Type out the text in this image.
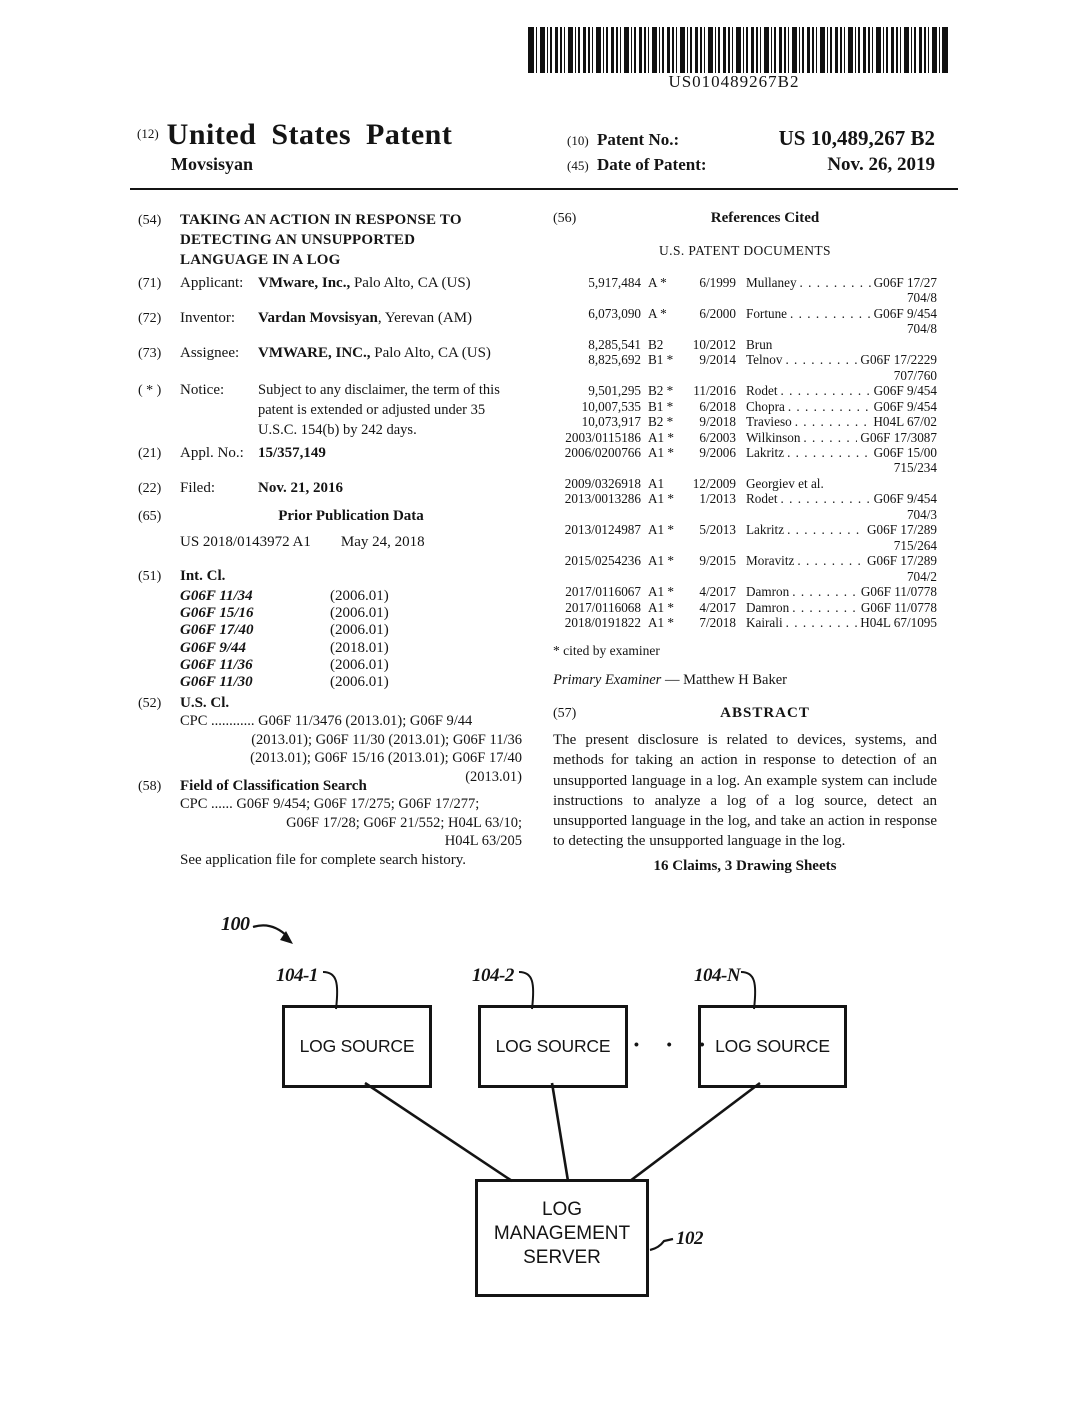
US010489267B2
$^{(12)}$ United States Patent
Movsisyan
(10) Patent No.:	US 10,489,267 B2
(45) Date of Patent:	Nov. 26, 2019
(54)	TAKING AN ACTION IN RESPONSE TO
DETECTING AN UNSUPPORTED
LANGUAGE IN A LOG
(71)	Applicant: VMware, Inc., Palo Alto, CA (US)
(72)	Inventor:	Vardan Movsisyan, Yerevan (AM)
(73)	Assignee:	VMWARE, INC., Palo Alto, CA (US)
( * )	Notice:	Subject to any disclaimer, the term of this
patent is extended or adjusted under 35
U.S.C. 154(b) by 242 days.
(21)	Appl. No.: 15/357,149
(22)	Filed:	Nov. 21, 2016
(65)	Prior Publication Data
US 2018/0143972 A1 May 24, 2018
(51)	Int. Cl.
G06F 11/34	(2006.01)
G06F 15/16	(2006.01)
G06F 17/40	(2006.01)
G06F 9/44	(2018.01)
G06F 11/36	(2006.01)
G06F 11/30	(2006.01)
(52)	U.S. Cl.
CPC ............ G06F 11/3476 (2013.01); G06F 9/44
(2013.01); G06F 11/30 (2013.01); G06F 11/36
(2013.01); G06F 15/16 (2013.01); G06F 17/40
(2013.01)
(58)	Field of Classification Search
CPC ...... G06F 9/454; G06F 17/275; G06F 17/277;
G06F 17/28; G06F 21/552; H04L 63/10;
H04L 63/205
See application file for complete search history.
(56)	References Cited
U.S. PATENT DOCUMENTS
5,917,484 A *	6/1999 Mullaney . . .	G06F 17/27
704/8
6,073,090 A *	6/2000 Fortune . . .	G06F 9/454
704/8
8,285,541 B2	10/2012 Brun
8,825,692 B1 *	9/2014 Telnov . . .	G06F 17/2229
707/760
9,501,295 B2 *	11/2016 Rodet . . .	G06F 9/454
10,007,535 B1 *	6/2018 Chopra . . .	G06F 9/454
10,073,917 B2 *	9/2018 Travieso . . .	H04L 67/02
2003/0115186 A1 *	6/2003 Wilkinson . . .	G06F 17/3087
2006/0200766 A1 *	9/2006 Lakritz . . .	G06F 15/00
715/234
2009/0326918 A1	12/2009 Georgiev et al.
2013/0013286 A1 *	1/2013 Rodet . . .	G06F 9/454
704/3
2013/0124987 A1 *	5/2013 Lakritz . . .	G06F 17/289
715/264
2015/0254236 A1 *	9/2015 Moravitz . . .	G06F 17/289
704/2
2017/0116067 A1 *	4/2017 Damron . . .	G06F 11/0778
2017/0116068 A1 *	4/2017 Damron . . .	G06F 11/0778
2018/0191822 A1 *	7/2018 Kairali . . .	H04L 67/1095
* cited by examiner
Primary Examiner — Matthew H Baker
(57)	ABSTRACT
The present disclosure is related to devices, systems, and methods for taking an action in response to detection of an unsupported language in a log. An example system can include instructions to analyze a log of a log source, detect an unsupported language in the log, and take an action in response to detecting the unsupported language in the log.
16 Claims, 3 Drawing Sheets
100
104-1	104-2	104-N
LOG SOURCE	LOG SOURCE	LOG SOURCE
• • •
LOG
MANAGEMENT
SERVER
102
